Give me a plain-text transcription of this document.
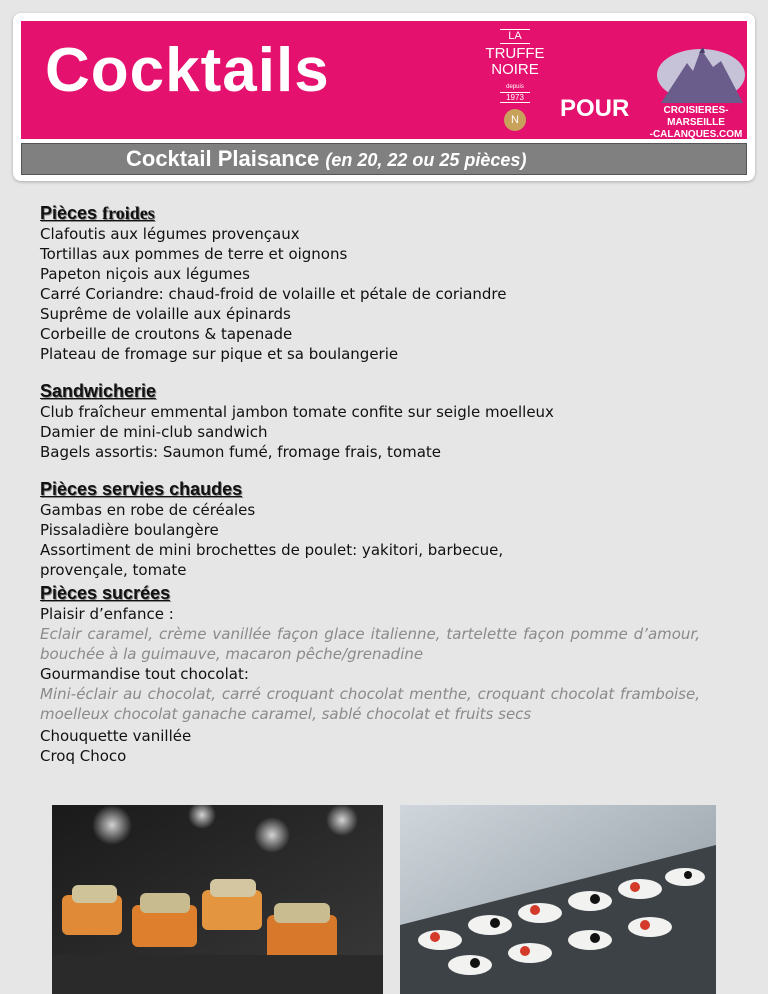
Cocktails	LA
TRUFFE
NOIRE
depuis
1973
N POUR	CROISIERES-MARSEILLE
-CALANQUES.COM
Cocktail Plaisance (en 20, 22 ou 25 pièces)
Pièces froides
Clafoutis aux légumes provençaux
Tortillas aux pommes de terre et oignons
Papeton niçois aux légumes
Carré Coriandre: chaud-froid de volaille et pétale de coriandre
Suprême de volaille aux épinards
Corbeille de croutons & tapenade
Plateau de fromage sur pique et sa boulangerie
Sandwicherie
Club fraîcheur emmental jambon tomate confite sur seigle moelleux
Damier de mini-club sandwich
Bagels assortis: Saumon fumé, fromage frais, tomate
Pièces servies chaudes
Gambas en robe de céréales
Pissaladière boulangère
Assortiment de mini brochettes de poulet: yakitori, barbecue,
provençale, tomate
Pièces sucrées
Plaisir d’enfance :
Eclair caramel, crème vanillée façon glace italienne, tartelette façon pomme d’amour, bouchée à la guimauve, macaron pêche/grenadine
Gourmandise tout chocolat:
Mini-éclair au chocolat, carré croquant chocolat menthe, croquant chocolat framboise, moelleux chocolat ganache caramel, sablé chocolat et fruits secs
Chouquette vanillée
Croq Choco
